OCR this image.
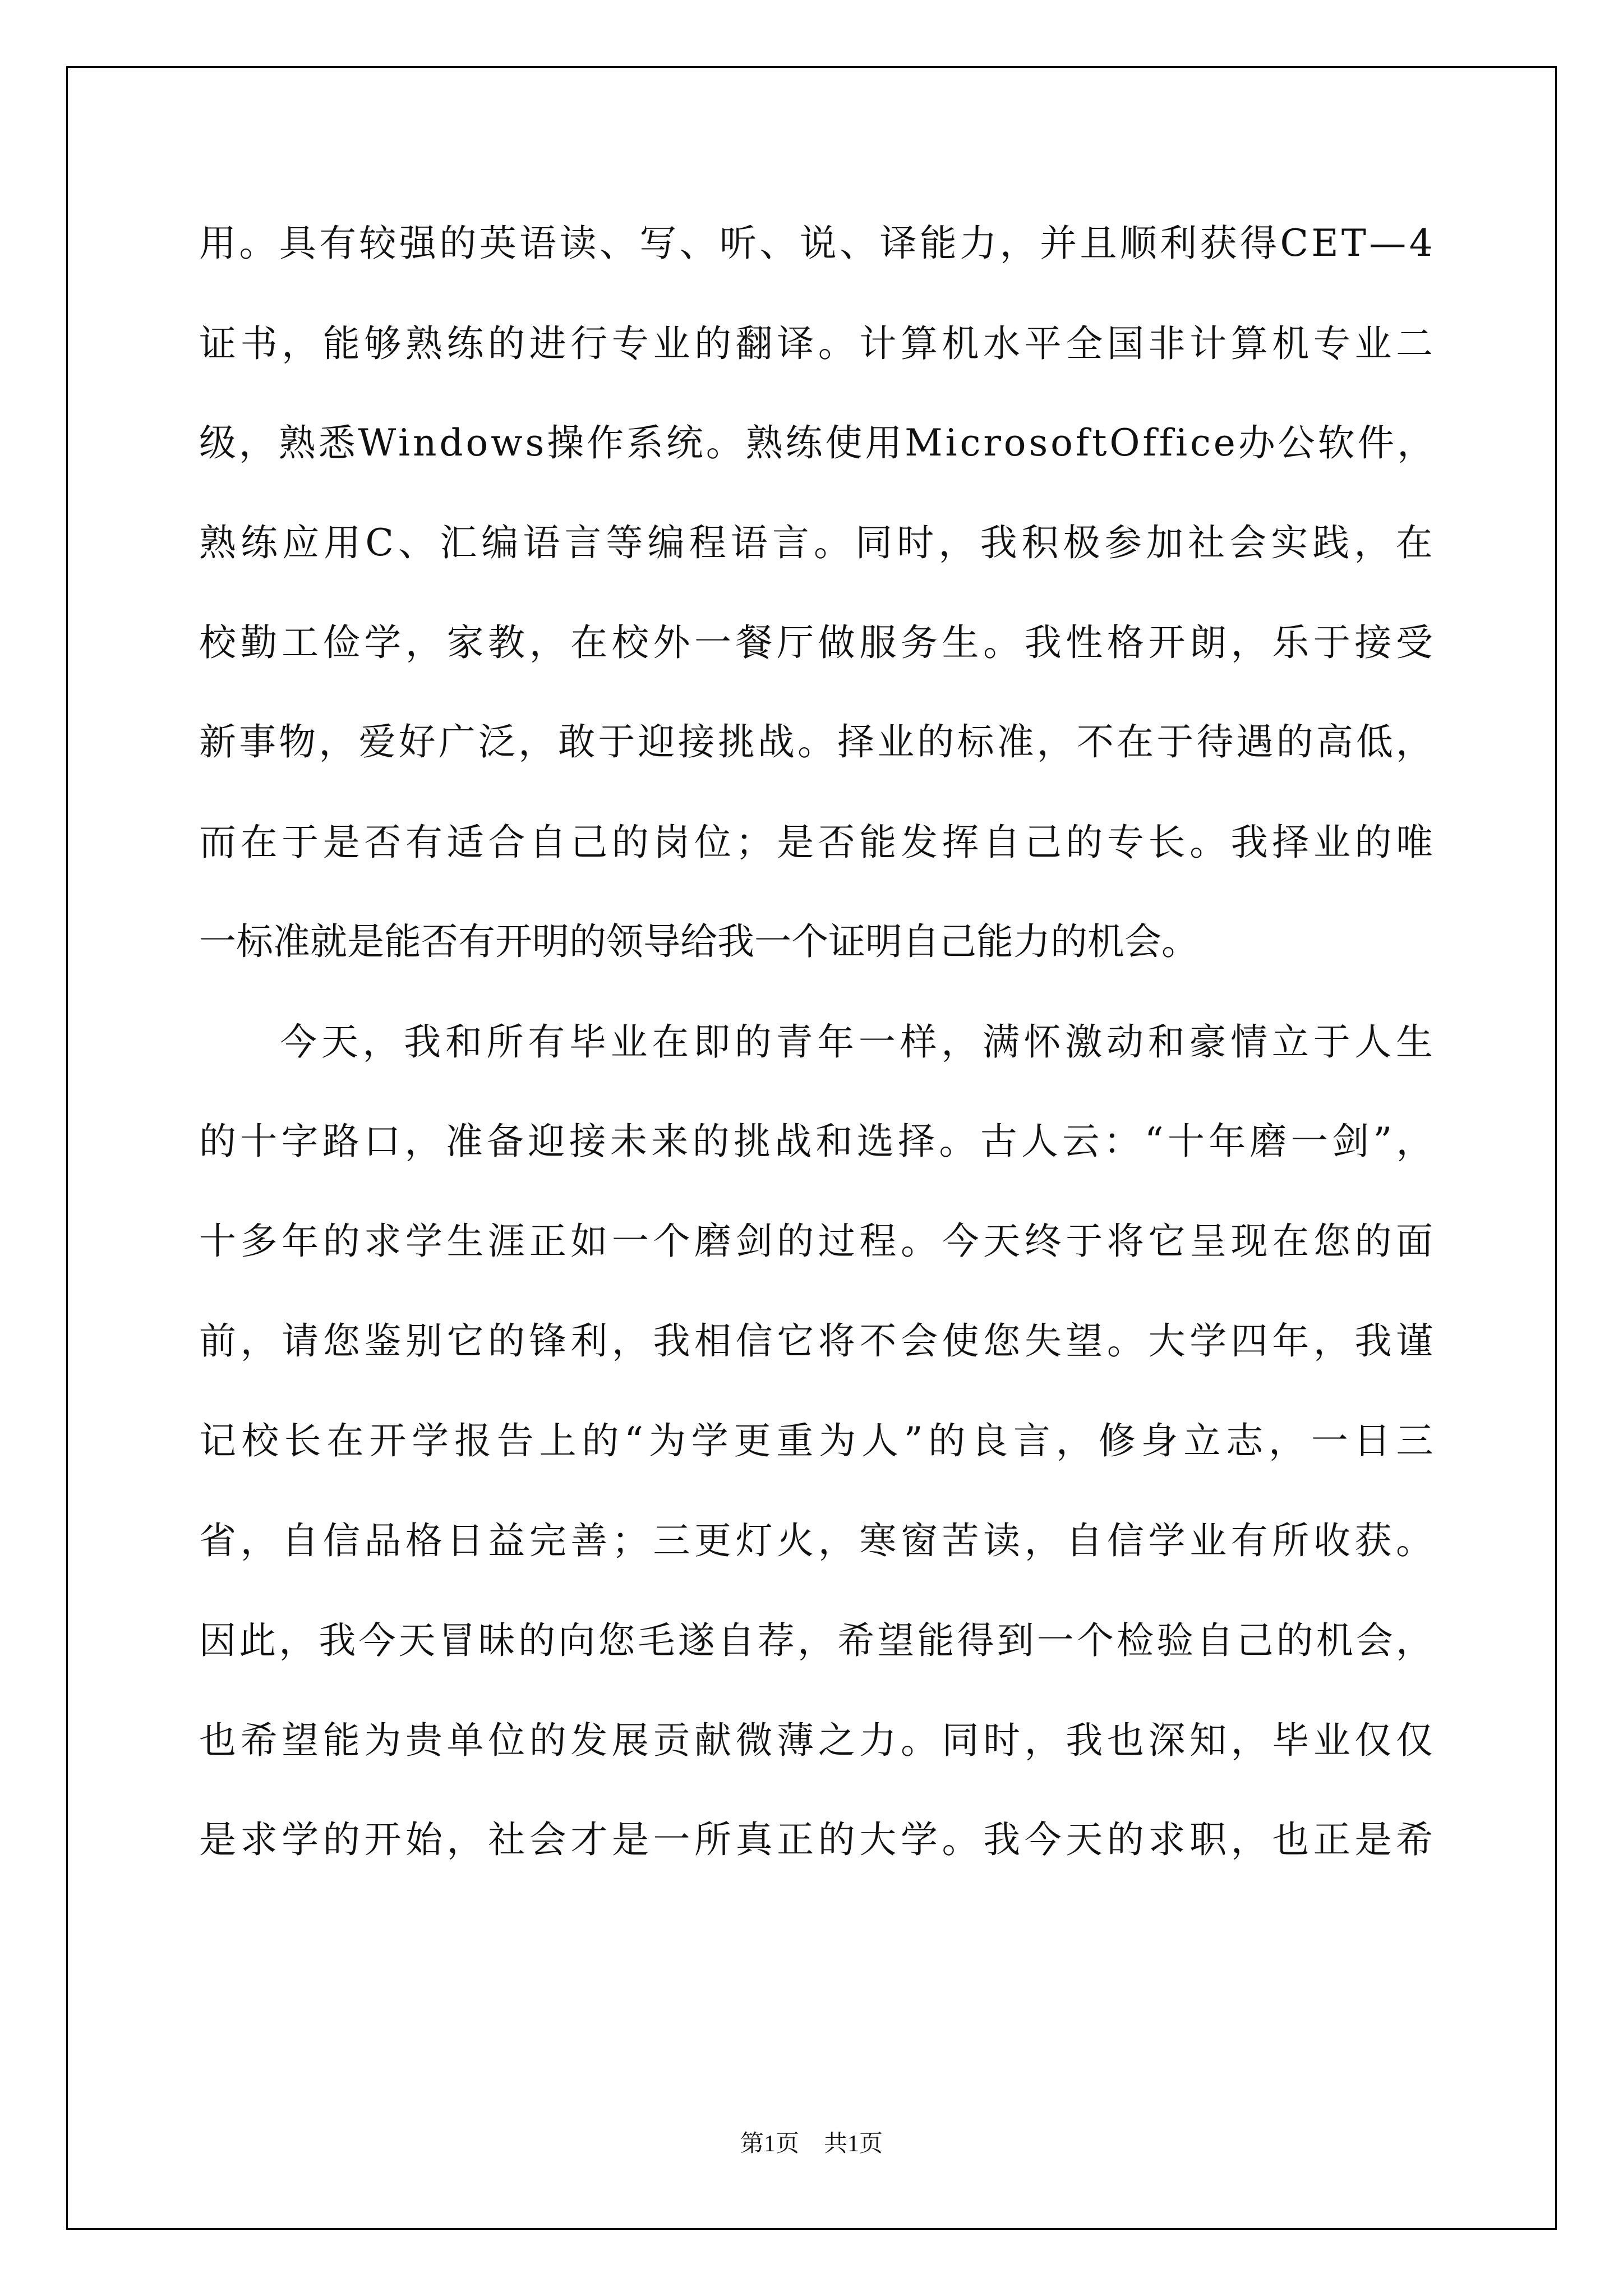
用。具有较强的英语读、写、听、说、译能力，并且顺利获得CET—4
证书，能够熟练的进行专业的翻译。计算机水平全国非计算机专业二
级，熟悉Windows操作系统。熟练使用MicrosoftOffice办公软件，
熟练应用C、汇编语言等编程语言。同时，我积极参加社会实践，在
校勤工俭学，家教，在校外一餐厅做服务生。我性格开朗，乐于接受
新事物，爱好广泛，敢于迎接挑战。择业的标准，不在于待遇的高低，
而在于是否有适合自己的岗位；是否能发挥自己的专长。我择业的唯
一标准就是能否有开明的领导给我一个证明自己能力的机会。
今天，我和所有毕业在即的青年一样，满怀激动和豪情立于人生
的十字路口，准备迎接未来的挑战和选择。古人云：“十年磨一剑”，
十多年的求学生涯正如一个磨剑的过程。今天终于将它呈现在您的面
前，请您鉴别它的锋利，我相信它将不会使您失望。大学四年，我谨
记校长在开学报告上的“为学更重为人”的良言，修身立志，一日三
省，自信品格日益完善；三更灯火，寒窗苦读，自信学业有所收获。
因此，我今天冒昧的向您毛遂自荐，希望能得到一个检验自己的机会，
也希望能为贵单位的发展贡献微薄之力。同时，我也深知，毕业仅仅
是求学的开始，社会才是一所真正的大学。我今天的求职，也正是希
第1页 共1页
